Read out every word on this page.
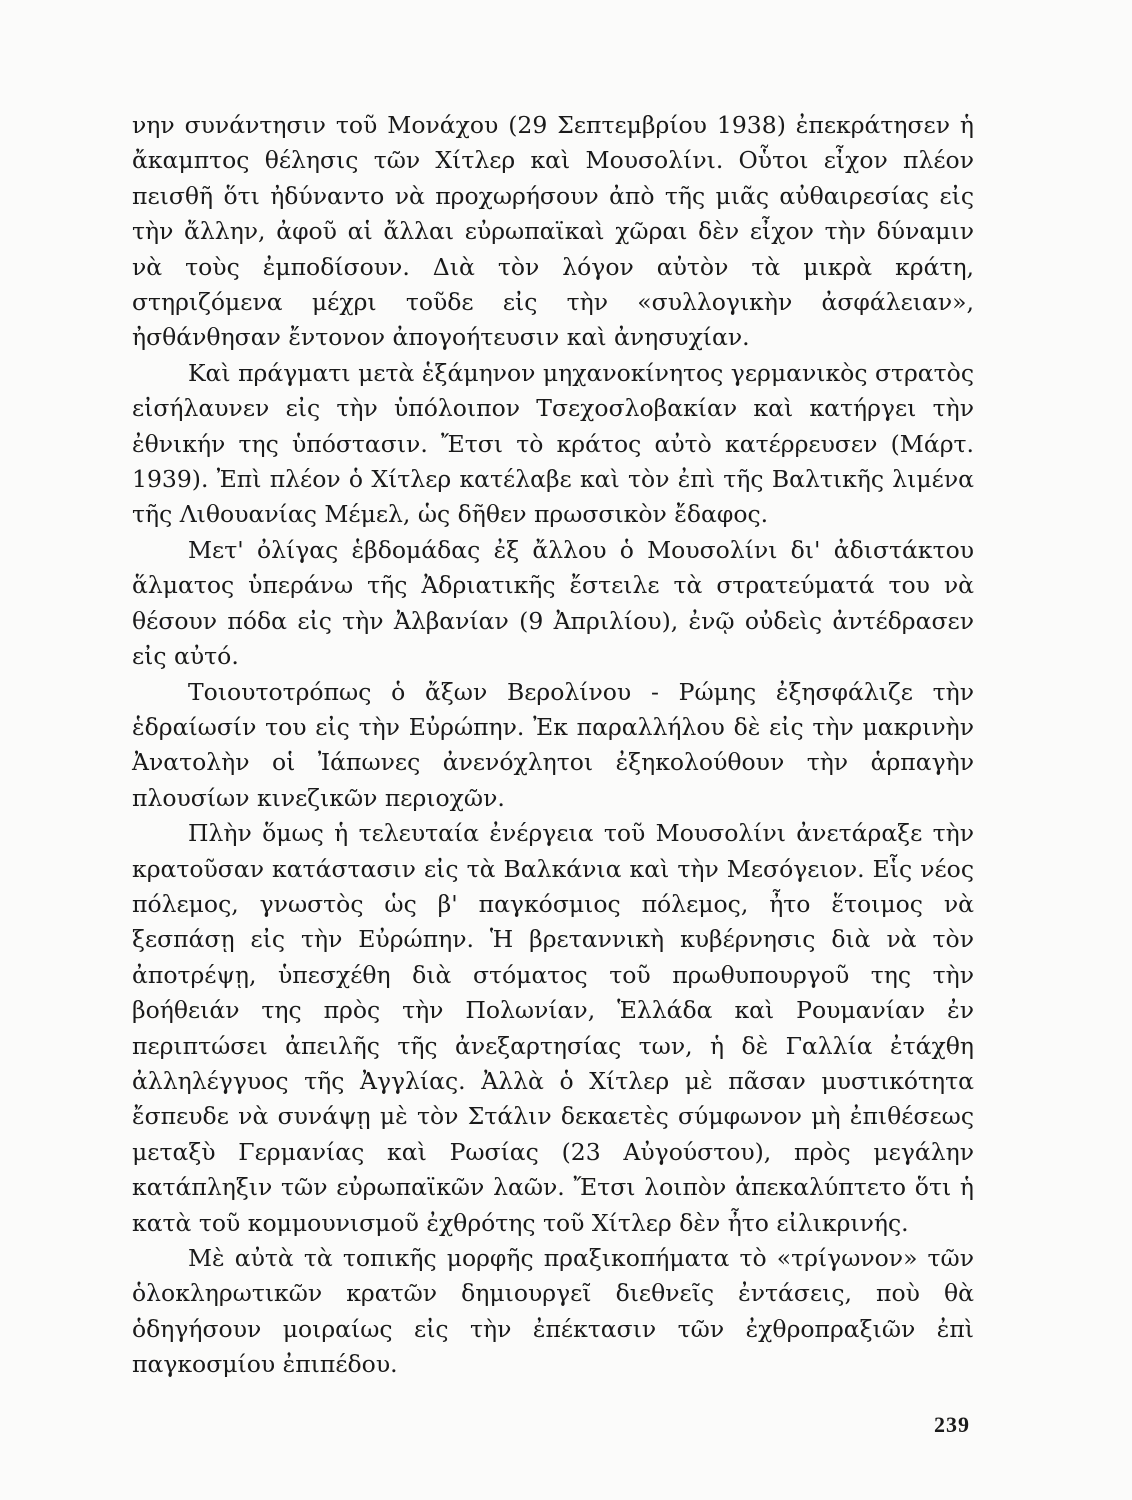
νην συνάντησιν τοῦ Μονάχου (29 Σεπτεμβρίου 1938) ἐπεκράτησεν ἡ ἄκαμπτος θέλησις τῶν Χίτλερ καὶ Μουσολίνι. Οὗτοι εἶχον πλέον πεισθῆ ὅτι ἠδύναντο νὰ προχωρήσουν ἀπὸ τῆς μιᾶς αὐθαιρεσίας εἰς τὴν ἄλλην, ἀφοῦ αἱ ἄλλαι εὐρωπαϊκαὶ χῶραι δὲν εἶχον τὴν δύναμιν νὰ τοὺς ἐμποδίσουν. Διὰ τὸν λόγον αὐτὸν τὰ μικρὰ κράτη, στηριζόμενα μέχρι τοῦδε εἰς τὴν «συλλογικὴν ἀσφάλειαν», ἠσθάνθησαν ἔντονον ἀπογοήτευσιν καὶ ἀνησυχίαν.

Καὶ πράγματι μετὰ ἑξάμηνον μηχανοκίνητος γερμανικὸς στρατὸς εἰσήλαυνεν εἰς τὴν ὑπόλοιπον Τσεχοσλοβακίαν καὶ κατήργει τὴν ἐθνικήν της ὑπόστασιν. Ἔτσι τὸ κράτος αὐτὸ κατέρρευσεν (Μάρτ. 1939). Ἐπὶ πλέον ὁ Χίτλερ κατέλαβε καὶ τὸν ἐπὶ τῆς Βαλτικῆς λιμένα τῆς Λιθουανίας Μέμελ, ὡς δῆθεν πρωσσικὸν ἔδαφος.

Μετ' ὀλίγας ἑβδομάδας ἐξ ἄλλου ὁ Μουσολίνι δι' ἀδιστάκτου ἅλματος ὑπεράνω τῆς Ἀδριατικῆς ἔστειλε τὰ στρατεύματά του νὰ θέσουν πόδα εἰς τὴν Ἀλβανίαν (9 Ἀπριλίου), ἐνῷ οὐδεὶς ἀντέδρασεν εἰς αὐτό.

Τοιουτοτρόπως ὁ ἄξων Βερολίνου - Ρώμης ἐξησφάλιζε τὴν ἑδραίωσίν του εἰς τὴν Εὐρώπην. Ἐκ παραλλήλου δὲ εἰς τὴν μακρινὴν Ἀνατολὴν οἱ Ἰάπωνες ἀνενόχλητοι ἐξηκολούθουν τὴν ἁρπαγὴν πλουσίων κινεζικῶν περιοχῶν.

Πλὴν ὅμως ἡ τελευταία ἐνέργεια τοῦ Μουσολίνι ἀνετάραξε τὴν κρατοῦσαν κατάστασιν εἰς τὰ Βαλκάνια καὶ τὴν Μεσόγειον. Εἷς νέος πόλεμος, γνωστὸς ὡς β' παγκόσμιος πόλεμος, ἦτο ἕτοιμος νὰ ξεσπάσῃ εἰς τὴν Εὐρώπην. Ἡ βρεταννικὴ κυβέρνησις διὰ νὰ τὸν ἀποτρέψῃ, ὑπεσχέθη διὰ στόματος τοῦ πρωθυπουργοῦ της τὴν βοήθειάν της πρὸς τὴν Πολωνίαν, Ἑλλάδα καὶ Ρουμανίαν ἐν περιπτώσει ἀπειλῆς τῆς ἀνεξαρτησίας των, ἡ δὲ Γαλλία ἐτάχθη ἀλληλέγγυος τῆς Ἀγγλίας. Ἀλλὰ ὁ Χίτλερ μὲ πᾶσαν μυστικότητα ἔσπευδε νὰ συνάψῃ μὲ τὸν Στάλιν δεκαετὲς σύμφωνον μὴ ἐπιθέσεως μεταξὺ Γερμανίας καὶ Ρωσίας (23 Αὐγούστου), πρὸς μεγάλην κατάπληξιν τῶν εὐρωπαϊκῶν λαῶν. Ἔτσι λοιπὸν ἀπεκαλύπτετο ὅτι ἡ κατὰ τοῦ κομμουνισμοῦ ἐχθρότης τοῦ Χίτλερ δὲν ἦτο εἰλικρινής.

Μὲ αὐτὰ τὰ τοπικῆς μορφῆς πραξικοπήματα τὸ «τρίγωνον» τῶν ὁλοκληρωτικῶν κρατῶν δημιουργεῖ διεθνεῖς ἐντάσεις, ποὺ θὰ ὁδηγήσουν μοιραίως εἰς τὴν ἐπέκτασιν τῶν ἐχθροπραξιῶν ἐπὶ παγκοσμίου ἐπιπέδου.

239
